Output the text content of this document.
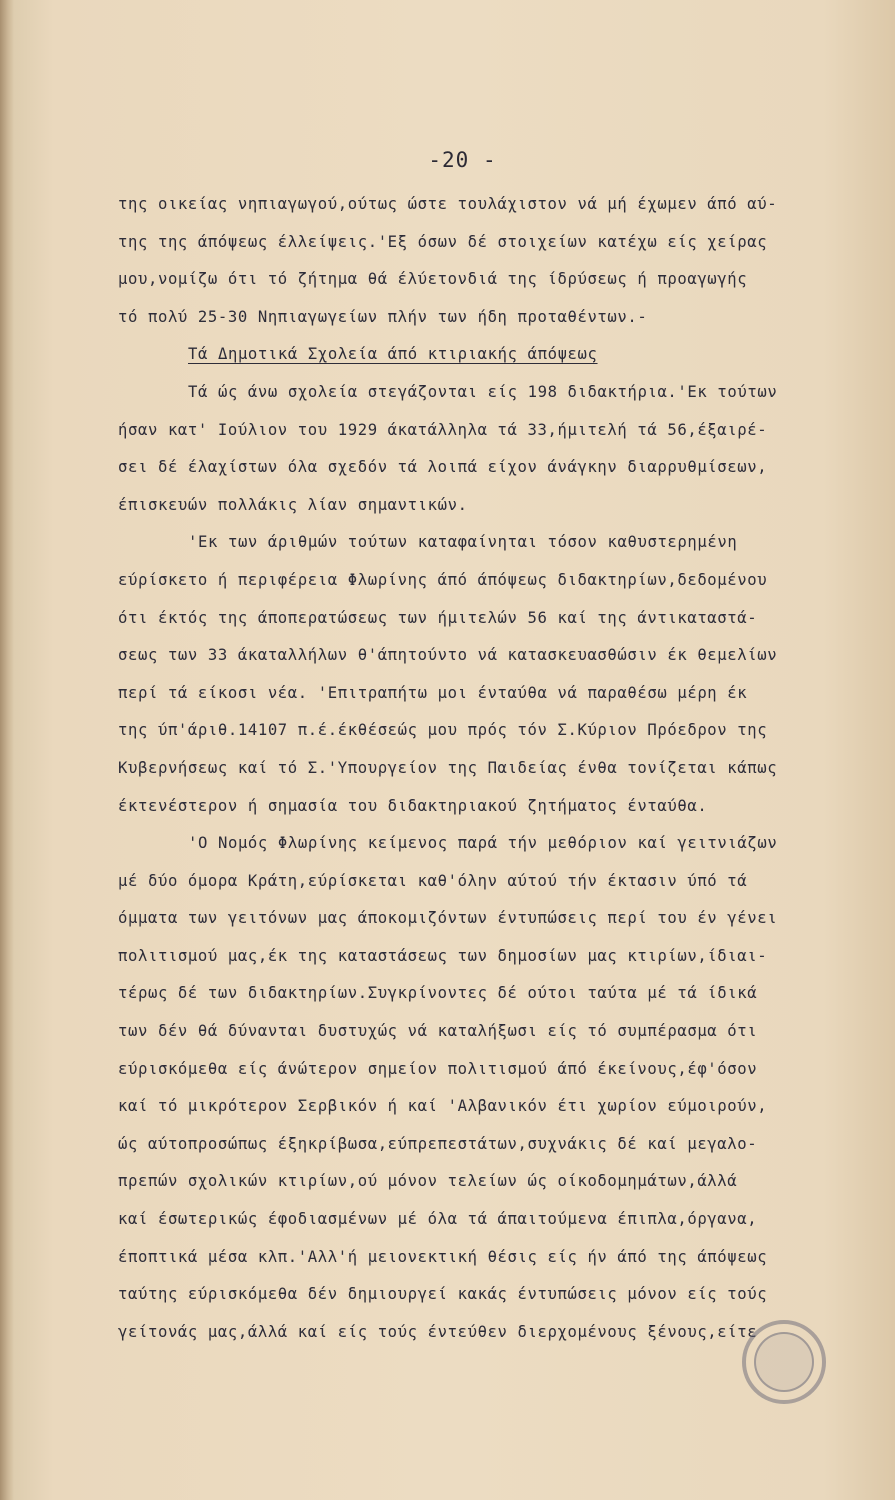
-20 -
της οικείας νηπιαγωγού,ούτως ώστε τουλάχιστον νά μή έχωμεν άπό αύ-
της της άπόψεως έλλείψεις.'Εξ όσων δέ στοιχείων κατέχω είς χείρας
μου,νομίζω ότι τό ζήτημα θά έλύετονδιά της ίδρύσεως ή προαγωγής
τό πολύ 25-30 Νηπιαγωγείων πλήν των ήδη προταθέντων.-
Τά Δημοτικά Σχολεία άπό κτιριακής άπόψεως
Τά ώς άνω σχολεία στεγάζονται είς 198 διδακτήρια.'Εκ τούτων
ήσαν κατ' Ιούλιον του 1929 άκατάλληλα τά 33,ήμιτελή τά 56,έξαιρέ-
σει δέ έλαχίστων όλα σχεδόν τά λοιπά είχον άνάγκην διαρρυθμίσεων,
έπισκευών πολλάκις λίαν σημαντικών.
'Εκ των άριθμών τούτων καταφαίνηται τόσον καθυστερημένη
εύρίσκετο ή περιφέρεια Φλωρίνης άπό άπόψεως διδακτηρίων,δεδομένου
ότι έκτός της άποπερατώσεως των ήμιτελών 56 καί της άντικαταστά-
σεως των 33 άκαταλλήλων θ'άπητούντο νά κατασκευασθώσιν έκ θεμελίων
περί τά είκοσι νέα. 'Επιτραπήτω μοι ένταύθα νά παραθέσω μέρη έκ
της ύπ'άριθ.14107 π.έ.έκθέσεώς μου πρός τόν Σ.Κύριον Πρόεδρον της
Κυβερνήσεως καί τό Σ.'Υπουργείον της Παιδείας ένθα τονίζεται κάπως
έκτενέστερον ή σημασία του διδακτηριακού ζητήματος ένταύθα.
'Ο Νομός Φλωρίνης κείμενος παρά τήν μεθόριον καί γειτνιάζων
μέ δύο όμορα Κράτη,εύρίσκεται καθ'όλην αύτού τήν έκτασιν ύπό τά
όμματα των γειτόνων μας άποκομιζόντων έντυπώσεις περί του έν γένει
πολιτισμού μας,έκ της καταστάσεως των δημοσίων μας κτιρίων,ίδιαι-
τέρως δέ των διδακτηρίων.Συγκρίνοντες δέ ούτοι ταύτα μέ τά ίδικά
των δέν θά δύνανται δυστυχώς νά καταλήξωσι είς τό συμπέρασμα ότι
εύρισκόμεθα είς άνώτερον σημείον πολιτισμού άπό έκείνους,έφ'όσον
καί τό μικρότερον Σερβικόν ή καί 'Αλβανικόν έτι χωρίον εύμοιρούν,
ώς αύτοπροσώπως έξηκρίβωσα,εύπρεπεστάτων,συχνάκις δέ καί μεγαλο-
πρεπών σχολικών κτιρίων,ού μόνον τελείων ώς οίκοδομημάτων,άλλά
καί έσωτερικώς έφοδιασμένων μέ όλα τά άπαιτούμενα έπιπλα,όργανα,
έποπτικά μέσα κλπ.'Αλλ'ή μειονεκτική θέσις είς ήν άπό της άπόψεως
ταύτης εύρισκόμεθα δέν δημιουργεί κακάς έντυπώσεις μόνον είς τούς
γείτονάς μας,άλλά καί είς τούς έντεύθεν διερχομένους ξένους,είτε
